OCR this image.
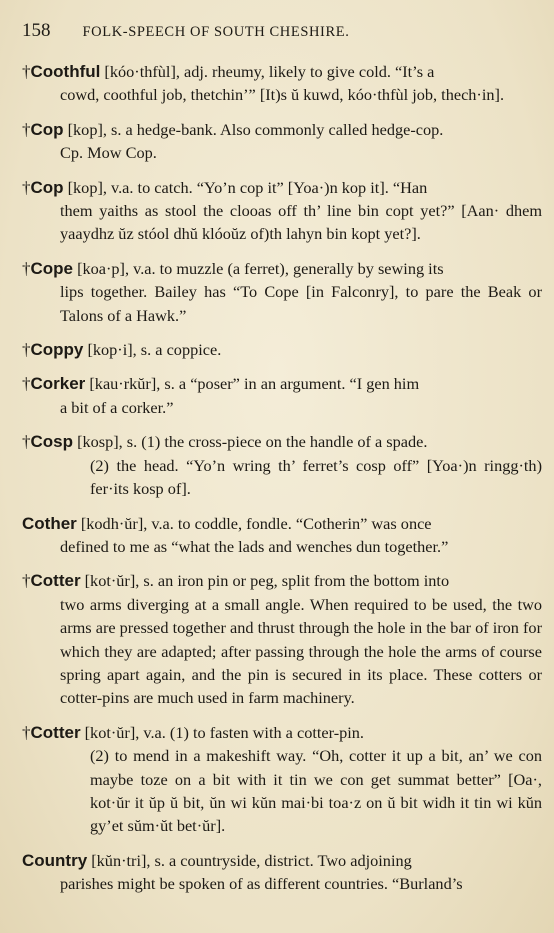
158 FOLK-SPEECH OF SOUTH CHESHIRE.
†Coothful [kóo·thfùl], adj. rheumy, likely to give cold. “It’s a
cowd, coothful job, thetchin’” [It)s ŭ kuwd, kóo·thfùl job, thech·in].
†Cop [kop], s. a hedge-bank. Also commonly called hedge-cop.
Cp. Mow Cop.
†Cop [kop], v.a. to catch. “Yo’n cop it” [Yoa·)n kop it]. “Han
them yaiths as stool the clooas off th’ line bin copt yet?” [Aan· dhem yaaydhz ŭz stóol dhŭ klóoŭz of)th lahyn bin kopt yet?].
†Cope [koa·p], v.a. to muzzle (a ferret), generally by sewing its
lips together. Bailey has “To Cope [in Falconry], to pare the Beak or Talons of a Hawk.”
†Coppy [kop·i], s. a coppice.
†Corker [kau·rkŭr], s. a “poser” in an argument. “I gen him
a bit of a corker.”
†Cosp [kosp], s. (1) the cross-piece on the handle of a spade.
(2) the head. “Yo’n wring th’ ferret’s cosp off” [Yoa·)n ringg·th) fer·its kosp of].
Cother [kodh·ŭr], v.a. to coddle, fondle. “Cotherin” was once
defined to me as “what the lads and wenches dun together.”
†Cotter [kot·ŭr], s. an iron pin or peg, split from the bottom into
two arms diverging at a small angle. When required to be used, the two arms are pressed together and thrust through the hole in the bar of iron for which they are adapted; after passing through the hole the arms of course spring apart again, and the pin is secured in its place. These cotters or cotter-pins are much used in farm machinery.
†Cotter [kot·ŭr], v.a. (1) to fasten with a cotter-pin.
(2) to mend in a makeshift way. “Oh, cotter it up a bit, an’ we con maybe toze on a bit with it tin we con get summat better” [Oa·, kot·ŭr it ŭp ŭ bit, ŭn wi kŭn mai·bi toa·z on ŭ bit widh it tin wi kŭn gy’et sŭm·ŭt bet·ŭr].
Country [kŭn·tri], s. a countryside, district. Two adjoining
parishes might be spoken of as different countries. “Burland’s
